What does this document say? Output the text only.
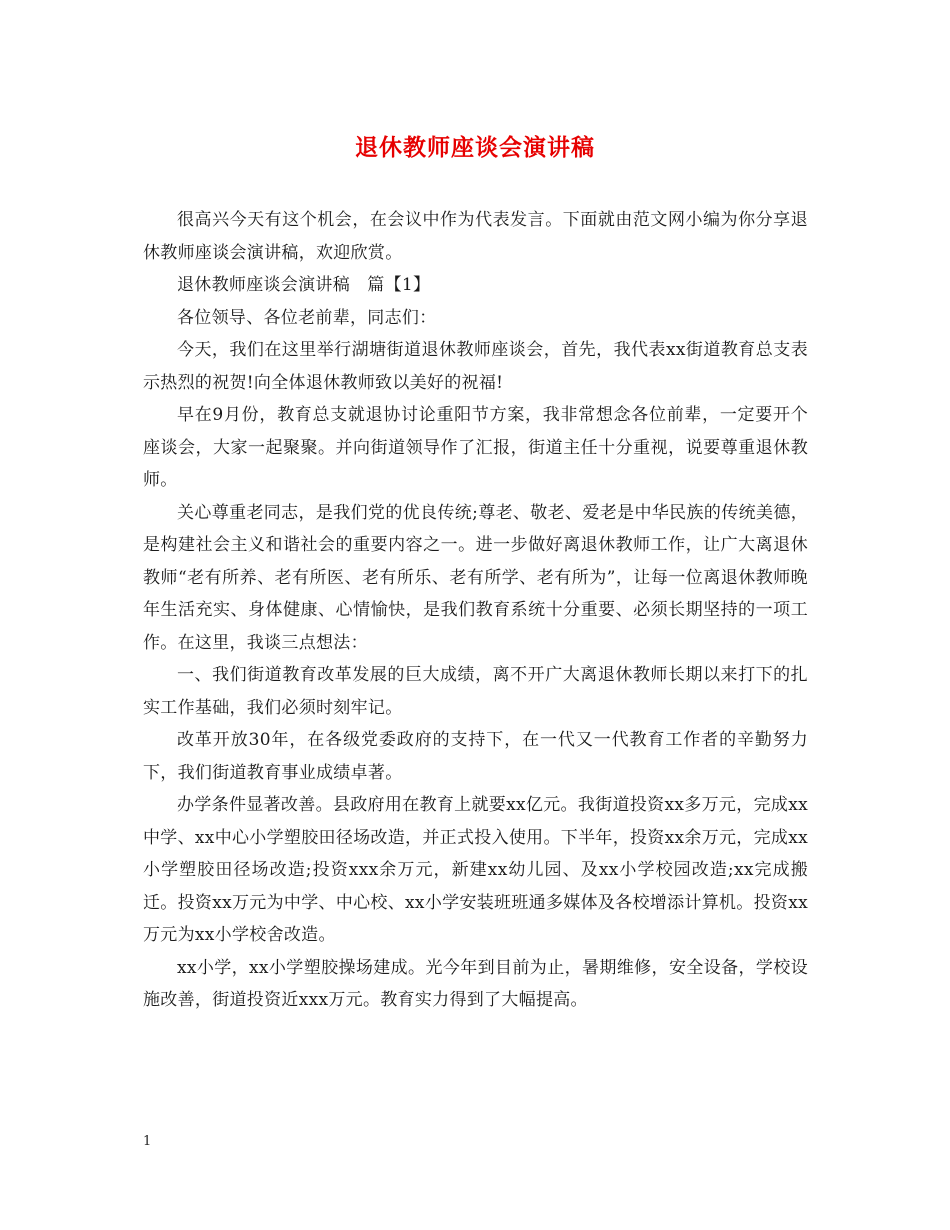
退休教师座谈会演讲稿

很高兴今天有这个机会，在会议中作为代表发言。下面就由范文网小编为你分享退休教师座谈会演讲稿，欢迎欣赏。

退休教师座谈会演讲稿　篇【1】

各位领导、各位老前辈，同志们：

今天，我们在这里举行湖塘街道退休教师座谈会，首先，我代表xx街道教育总支表示热烈的祝贺!向全体退休教师致以美好的祝福!

早在9月份，教育总支就退协讨论重阳节方案，我非常想念各位前辈，一定要开个座谈会，大家一起聚聚。并向街道领导作了汇报，街道主任十分重视，说要尊重退休教师。

关心尊重老同志，是我们党的优良传统;尊老、敬老、爱老是中华民族的传统美德，是构建社会主义和谐社会的重要内容之一。进一步做好离退休教师工作，让广大离退休教师“老有所养、老有所医、老有所乐、老有所学、老有所为”，让每一位离退休教师晚年生活充实、身体健康、心情愉快，是我们教育系统十分重要、必须长期坚持的一项工作。在这里，我谈三点想法：

一、我们街道教育改革发展的巨大成绩，离不开广大离退休教师长期以来打下的扎实工作基础，我们必须时刻牢记。

改革开放30年，在各级党委政府的支持下，在一代又一代教育工作者的辛勤努力下，我们街道教育事业成绩卓著。

办学条件显著改善。县政府用在教育上就要xx亿元。我街道投资xx多万元，完成xx中学、xx中心小学塑胶田径场改造，并正式投入使用。下半年，投资xx余万元，完成xx小学塑胶田径场改造;投资xxx余万元，新建xx幼儿园、及xx小学校园改造;xx完成搬迁。投资xx万元为中学、中心校、xx小学安装班班通多媒体及各校增添计算机。投资xx万元为xx小学校舍改造。

xx小学，xx小学塑胶操场建成。光今年到目前为止，暑期维修，安全设备，学校设施改善，街道投资近xxx万元。教育实力得到了大幅提高。

1
